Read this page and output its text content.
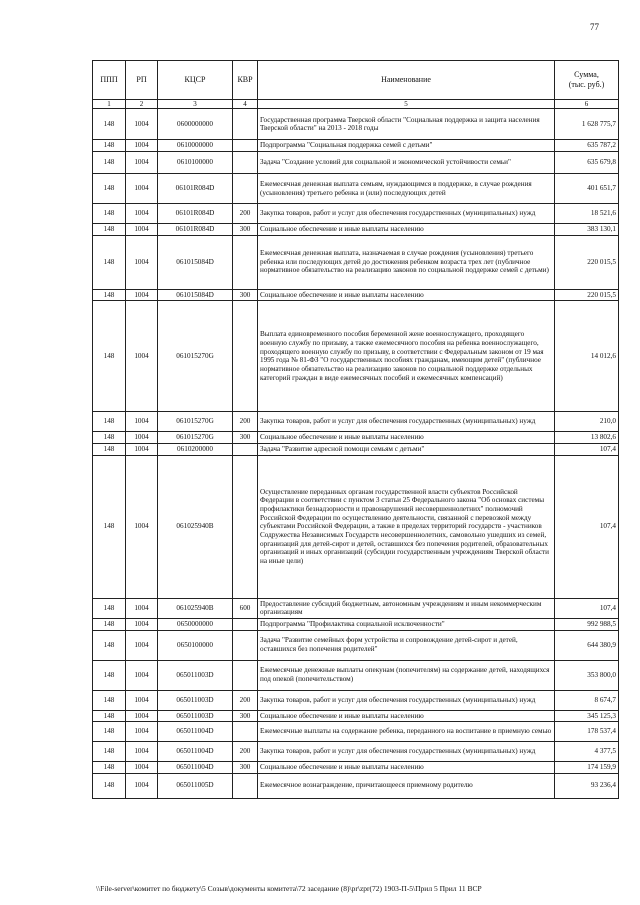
77
ППП	РП	КЦСР	КВР	Наименование	Сумма,
(тыс. руб.)
1	2	3	4	5	6
148	1004	0600000000		Государственная программа Тверской области "Социальная поддержка и защита населения Тверской области" на 2013 - 2018 годы	1 628 775,7
148	1004	0610000000		Подпрограмма "Социальная поддержка семей с детьми"	635 787,2
148	1004	0610100000		Задача "Создание условий для социальной и экономической устойчивости семьи"	635 679,8
148	1004	06101R084D		Ежемесячная денежная выплата семьям, нуждающимся в поддержке, в случае рождения (усыновления) третьего ребенка и (или) последующих детей	401 651,7
148	1004	06101R084D	200	Закупка товаров, работ и услуг для обеспечения государственных (муниципальных) нужд	18 521,6
148	1004	06101R084D	300	Социальное обеспечение и иные выплаты населению	383 130,1
148	1004	061015084D		Ежемесячная денежная выплата, назначаемая в случае рождения (усыновления) третьего ребенка или последующих детей до достижения ребенком возраста трех лет (публичное нормативное обязательство на реализацию законов по социальной поддержке семей с детьми)	220 015,5
148	1004	061015084D	300	Социальное обеспечение и иные выплаты населению	220 015,5
148	1004	061015270G		Выплата единовременного пособия беременной жене военнослужащего, проходящего военную службу по призыву, а также ежемесячного пособия на ребенка военнослужащего, проходящего военную службу по призыву, в соответствии с Федеральным законом от 19 мая 1995 года № 81-ФЗ "О государственных пособиях гражданам, имеющим детей" (публичное нормативное обязательство на реализацию законов по социальной поддержке отдельных категорий граждан в виде ежемесячных пособий и ежемесячных компенсаций)	14 012,6
148	1004	061015270G	200	Закупка товаров, работ и услуг для обеспечения государственных (муниципальных) нужд	210,0
148	1004	061015270G	300	Социальное обеспечение и иные выплаты населению	13 802,6
148	1004	0610200000		Задача "Развитие адресной помощи семьям с детьми"	107,4
148	1004	061025940В		Осуществление переданных органам государственной власти субъектов Российской Федерации в соответствии с пунктом 3 статьи 25 Федерального закона "Об основах системы профилактики безнадзорности и правонарушений несовершеннолетних" полномочий Российской Федерации по осуществлению деятельности, связанной с перевозкой между субъектами Российской Федерации, а также в пределах территорий государств - участников Содружества Независимых Государств несовершеннолетних, самовольно ушедших из семей, организаций для детей-сирот и детей, оставшихся без попечения родителей, образовательных организаций и иных организаций (субсидии государственным учреждениям Тверской области на иные цели)	107,4
148	1004	061025940В	600	Предоставление субсидий бюджетным, автономным учреждениям и иным некоммерческим организациям	107,4
148	1004	0650000000		Подпрограмма "Профилактика социальной исключенности"	992 988,5
148	1004	0650100000		Задача "Развитие семейных форм устройства и сопровождение детей-сирот и детей, оставшихся без попечения родителей"	644 380,9
148	1004	065011003D		Ежемесячные денежные выплаты опекунам (попечителям) на содержание детей, находящихся под опекой (попечительством)	353 800,0
148	1004	065011003D	200	Закупка товаров, работ и услуг для обеспечения государственных (муниципальных) нужд	8 674,7
148	1004	065011003D	300	Социальное обеспечение и иные выплаты населению	345 125,3
148	1004	065011004D		Ежемесячные выплаты на содержание ребенка, переданного на воспитание в приемную семью	178 537,4
148	1004	065011004D	200	Закупка товаров, работ и услуг для обеспечения государственных (муниципальных) нужд	4 377,5
148	1004	065011004D	300	Социальное обеспечение и иные выплаты населению	174 159,9
148	1004	065011005D		Ежемесячное вознаграждение, причитающееся приемному родителю	93 236,4
\\File-server\комитет по бюджету\5 Созыв\документы комитета\72 заседание (8)\pr\zpr(72) 1903-П-5\Прил 5 Прил 11 ВСР
